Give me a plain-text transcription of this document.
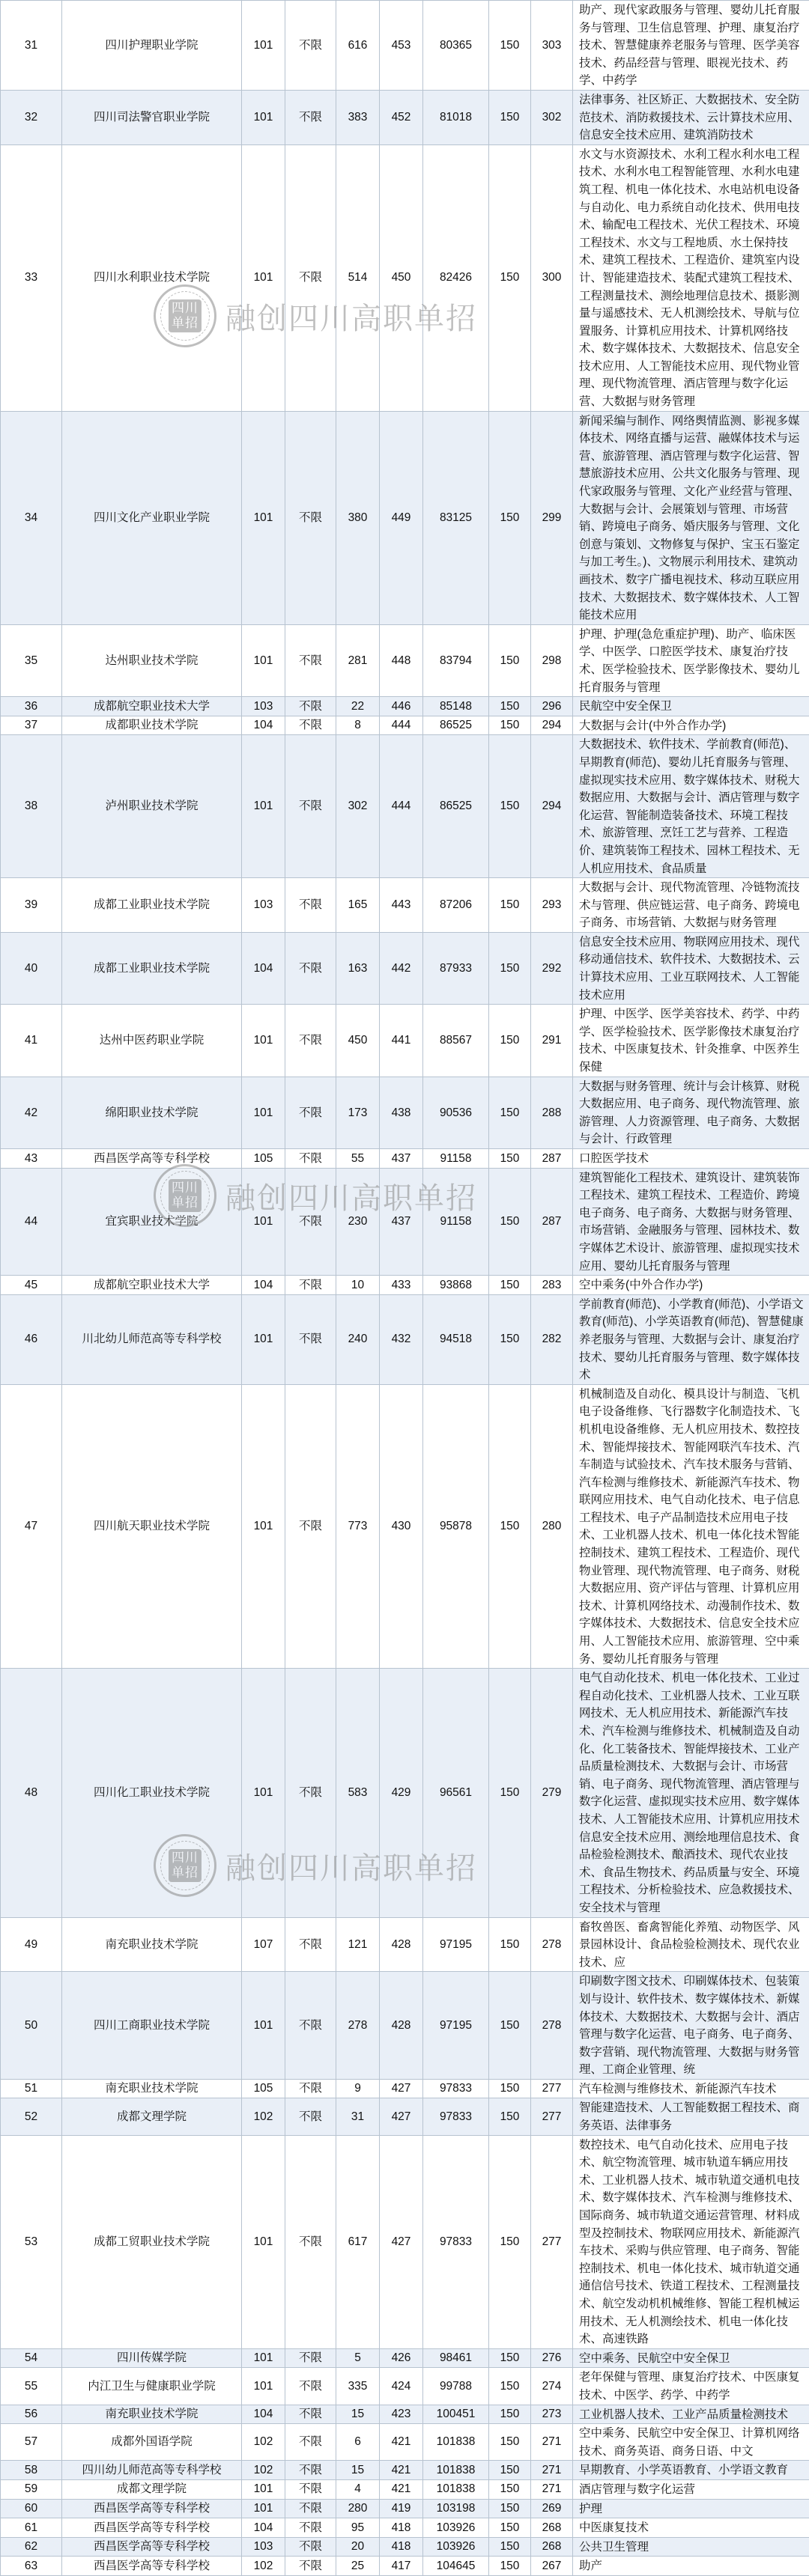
31	四川护理职业学院	101	不限	616	453	80365	150	303	助产、现代家政服务与管理、婴幼儿托育服务与管理、卫生信息管理、护理、康复治疗技术、智慧健康养老服务与管理、医学美容技术、药品经营与管理、眼视光技术、药学、中药学
32	四川司法警官职业学院	101	不限	383	452	81018	150	302	法律事务、社区矫正、大数据技术、安全防范技术、消防救援技术、云计算技术应用、信息安全技术应用、建筑消防技术
33	四川水利职业技术学院	101	不限	514	450	82426	150	300	水文与水资源技术、水利工程水利水电工程技术、水利水电工程智能管理、水利水电建筑工程、机电一体化技术、水电站机电设备与自动化、电力系统自动化技术、供用电技术、输配电工程技术、光伏工程技术、环境工程技术、水文与工程地质、水土保持技术、建筑工程技术、工程造价、建筑室内设计、智能建造技术、装配式建筑工程技术、工程测量技术、测绘地理信息技术、摄影测量与遥感技术、无人机测绘技术、导航与位置服务、计算机应用技术、计算机网络技术、数字媒体技术、大数据技术、信息安全技术应用、人工智能技术应用、现代物业管理、现代物流管理、酒店管理与数字化运营、大数据与财务管理
34	四川文化产业职业学院	101	不限	380	449	83125	150	299	新闻采编与制作、网络舆情监测、影视多媒体技术、网络直播与运营、融媒体技术与运营、旅游管理、酒店管理与数字化运营、智慧旅游技术应用、公共文化服务与管理、现代家政服务与管理、文化产业经营与管理、大数据与会计、会展策划与管理、市场营销、跨境电子商务、婚庆服务与管理、文化创意与策划、文物修复与保护、宝玉石鉴定与加工考生。)、文物展示利用技术、建筑动画技术、数字广播电视技术、移动互联应用技术、大数据技术、数字媒体技术、人工智能技术应用
35	达州职业技术学院	101	不限	281	448	83794	150	298	护理、护理(急危重症护理)、助产、临床医学、中医学、口腔医学技术、康复治疗技术、医学检验技术、医学影像技术、婴幼儿托育服务与管理
36	成都航空职业技术大学	103	不限	22	446	85148	150	296	民航空中安全保卫
37	成都职业技术学院	104	不限	8	444	86525	150	294	大数据与会计(中外合作办学)
38	泸州职业技术学院	101	不限	302	444	86525	150	294	大数据技术、软件技术、学前教育(师范)、早期教育(师范)、婴幼儿托育服务与管理、虚拟现实技术应用、数字媒体技术、财税大数据应用、大数据与会计、酒店管理与数字化运营、智能制造装备技术、环境工程技术、旅游管理、烹饪工艺与营养、工程造价、建筑装饰工程技术、园林工程技术、无人机应用技术、食品质量
39	成都工业职业技术学院	103	不限	165	443	87206	150	293	大数据与会计、现代物流管理、冷链物流技术与管理、供应链运营、电子商务、跨境电子商务、市场营销、大数据与财务管理
40	成都工业职业技术学院	104	不限	163	442	87933	150	292	信息安全技术应用、物联网应用技术、现代移动通信技术、软件技术、大数据技术、云计算技术应用、工业互联网技术、人工智能技术应用
41	达州中医药职业学院	101	不限	450	441	88567	150	291	护理、中医学、医学美容技术、药学、中药学、医学检验技术、医学影像技术康复治疗技术、中医康复技术、针灸推拿、中医养生保健
42	绵阳职业技术学院	101	不限	173	438	90536	150	288	大数据与财务管理、统计与会计核算、财税大数据应用、电子商务、现代物流管理、旅游管理、人力资源管理、电子商务、大数据与会计、行政管理
43	西昌医学高等专科学校	105	不限	55	437	91158	150	287	口腔医学技术
44	宜宾职业技术学院	101	不限	230	437	91158	150	287	建筑智能化工程技术、建筑设计、建筑装饰工程技术、建筑工程技术、工程造价、跨境电子商务、电子商务、大数据与财务管理、市场营销、金融服务与管理、园林技术、数字媒体艺术设计、旅游管理、虚拟现实技术应用、婴幼儿托育服务与管理
45	成都航空职业技术大学	104	不限	10	433	93868	150	283	空中乘务(中外合作办学)
46	川北幼儿师范高等专科学校	101	不限	240	432	94518	150	282	学前教育(师范)、小学教育(师范)、小学语文教育(师范)、小学英语教育(师范)、智慧健康养老服务与管理、大数据与会计、康复治疗技术、婴幼儿托育服务与管理、数字媒体技术
47	四川航天职业技术学院	101	不限	773	430	95878	150	280	机械制造及自动化、模具设计与制造、飞机电子设备维修、飞行器数字化制造技术、飞机机电设备维修、无人机应用技术、数控技术、智能焊接技术、智能网联汽车技术、汽车制造与试验技术、汽车技术服务与营销、汽车检测与维修技术、新能源汽车技术、物联网应用技术、电气自动化技术、电子信息工程技术、电子产品制造技术应用电子技术、工业机器人技术、机电一体化技术智能控制技术、建筑工程技术、工程造价、现代物业管理、现代物流管理、电子商务、财税大数据应用、资产评估与管理、计算机应用技术、计算机网络技术、动漫制作技术、数字媒体技术、大数据技术、信息安全技术应用、人工智能技术应用、旅游管理、空中乘务、婴幼儿托育服务与管理
48	四川化工职业技术学院	101	不限	583	429	96561	150	279	电气自动化技术、机电一体化技术、工业过程自动化技术、工业机器人技术、工业互联网技术、无人机应用技术、新能源汽车技术、汽车检测与维修技术、机械制造及自动化、化工装备技术、智能焊接技术、工业产品质量检测技术、大数据与会计、市场营销、电子商务、现代物流管理、酒店管理与数字化运营、虚拟现实技术应用、数字媒体技术、人工智能技术应用、计算机应用技术信息安全技术应用、测绘地理信息技术、食品检验检测技术、酿酒技术、现代农业技术、食品生物技术、药品质量与安全、环境工程技术、分析检验技术、应急救援技术、安全技术与管理
49	南充职业技术学院	107	不限	121	428	97195	150	278	畜牧兽医、畜禽智能化养殖、动物医学、风景园林设计、食品检验检测技术、现代农业技术、应
50	四川工商职业技术学院	101	不限	278	428	97195	150	278	印刷数字图文技术、印刷媒体技术、包装策划与设计、软件技术、数字媒体技术、新媒体技术、大数据技术、大数据与会计、酒店管理与数字化运营、电子商务、电子商务、数字营销、现代物流管理、大数据与财务管理、工商企业管理、统
51	南充职业技术学院	105	不限	9	427	97833	150	277	汽车检测与维修技术、新能源汽车技术
52	成都文理学院	102	不限	31	427	97833	150	277	智能建造技术、人工智能数据工程技术、商务英语、法律事务
53	成都工贸职业技术学院	101	不限	617	427	97833	150	277	数控技术、电气自动化技术、应用电子技术、航空物流管理、城市轨道车辆应用技术、工业机器人技术、城市轨道交通机电技术、数字媒体技术、汽车检测与维修技术、国际商务、城市轨道交通运营管理、材料成型及控制技术、物联网应用技术、新能源汽车技术、采购与供应管理、电子商务、智能控制技术、机电一体化技术、城市轨道交通通信信号技术、铁道工程技术、工程测量技术、航空发动机机械维修、智能工程机械运用技术、无人机测绘技术、机电一体化技术、高速铁路
54	四川传媒学院	101	不限	5	426	98461	150	276	空中乘务、民航空中安全保卫
55	内江卫生与健康职业学院	101	不限	335	424	99788	150	274	老年保健与管理、康复治疗技术、中医康复技术、中医学、药学、中药学
56	南充职业技术学院	104	不限	15	423	100451	150	273	工业机器人技术、工业产品质量检测技术
57	成都外国语学院	102	不限	6	421	101838	150	271	空中乘务、民航空中安全保卫、计算机网络技术、商务英语、商务日语、中文
58	四川幼儿师范高等专科学校	102	不限	15	421	101838	150	271	早期教育、小学英语教育、小学语文教育
59	成都文理学院	101	不限	4	421	101838	150	271	酒店管理与数字化运营
60	西昌医学高等专科学校	101	不限	280	419	103198	150	269	护理
61	西昌医学高等专科学校	104	不限	95	418	103926	150	268	中医康复技术
62	西昌医学高等专科学校	103	不限	20	418	103926	150	268	公共卫生管理
63	西昌医学高等专科学校	102	不限	25	417	104645	150	267	助产
四川单招 融创四川高职单招
四川单招 融创四川高职单招
四川单招 融创四川高职单招
